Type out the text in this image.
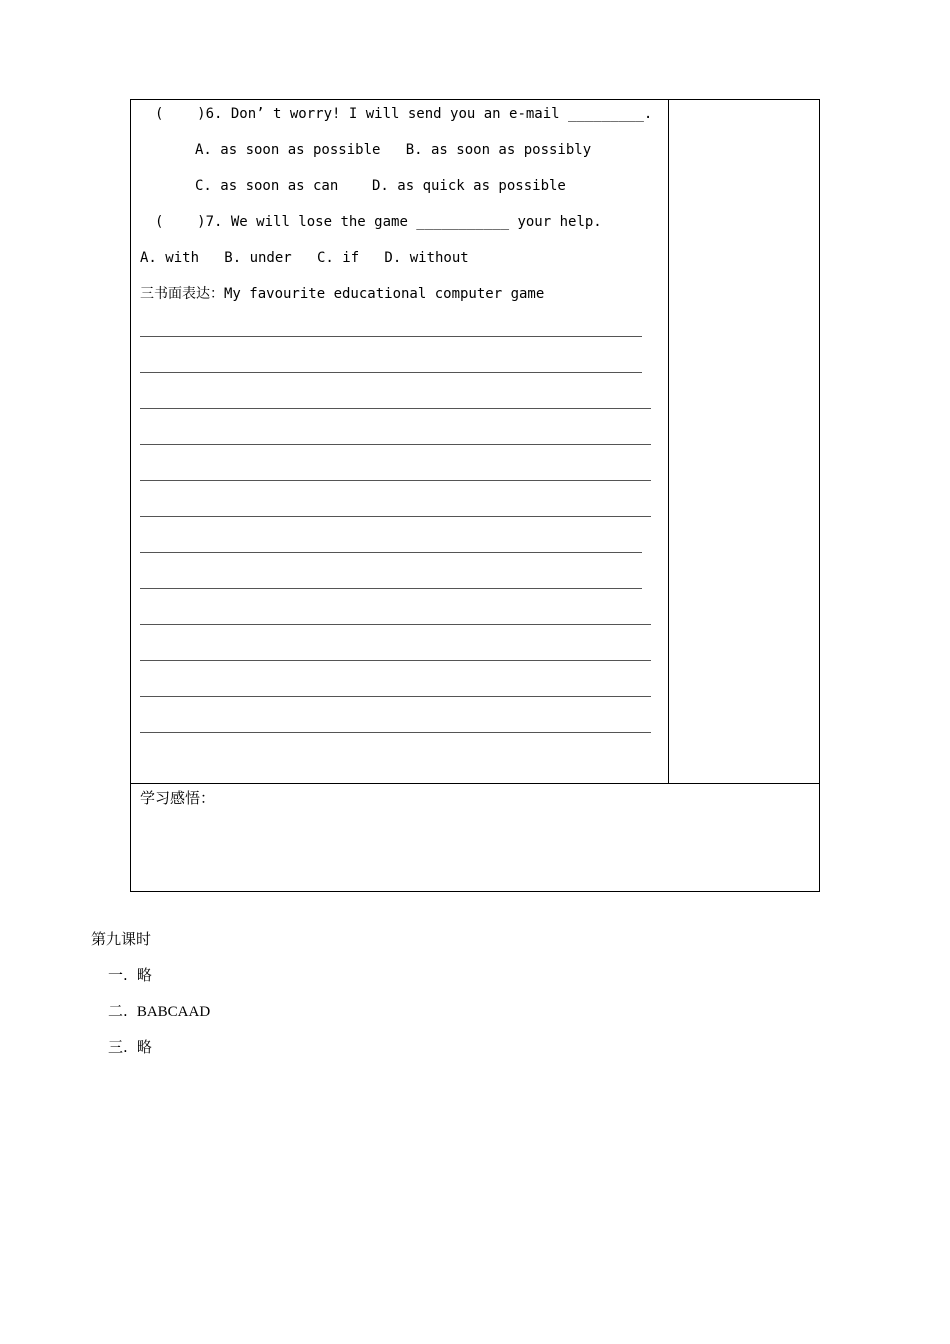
(    )6. Don’ t worry! I will send you an e-mail _________.
A. as soon as possible   B. as soon as possibly
C. as soon as can    D. as quick as possible
(    )7. We will lose the game ___________ your help.
A. with   B. under   C. if   D. without
三书面表达：My favourite educational computer game
学习感悟：
第九课时
一. 略
二. BABCAAD
三. 略
